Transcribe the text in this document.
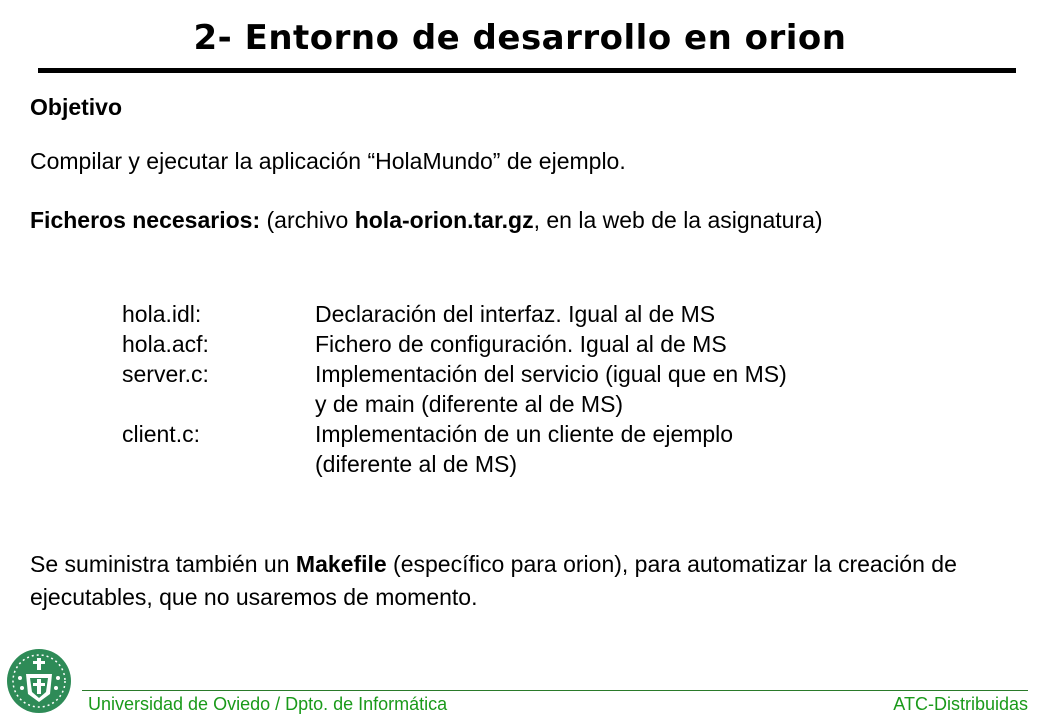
2- Entorno de desarrollo en orion
Objetivo
Compilar y ejecutar la aplicación “HolaMundo” de ejemplo.
Ficheros necesarios: (archivo hola-orion.tar.gz, en la web de la asignatura)
hola.idl:	Declaración del interfaz. Igual al de MS
hola.acf:	Fichero de configuración. Igual al de MS
server.c:	Implementación del servicio (igual que en MS)
y de main (diferente al de MS)
client.c:	Implementación de un cliente de ejemplo
(diferente al de MS)
Se suministra también un Makefile (específico para orion), para automatizar la creación de ejecutables, que no usaremos de momento.
Universidad de Oviedo / Dpto. de Informática	ATC-Distribuidas
